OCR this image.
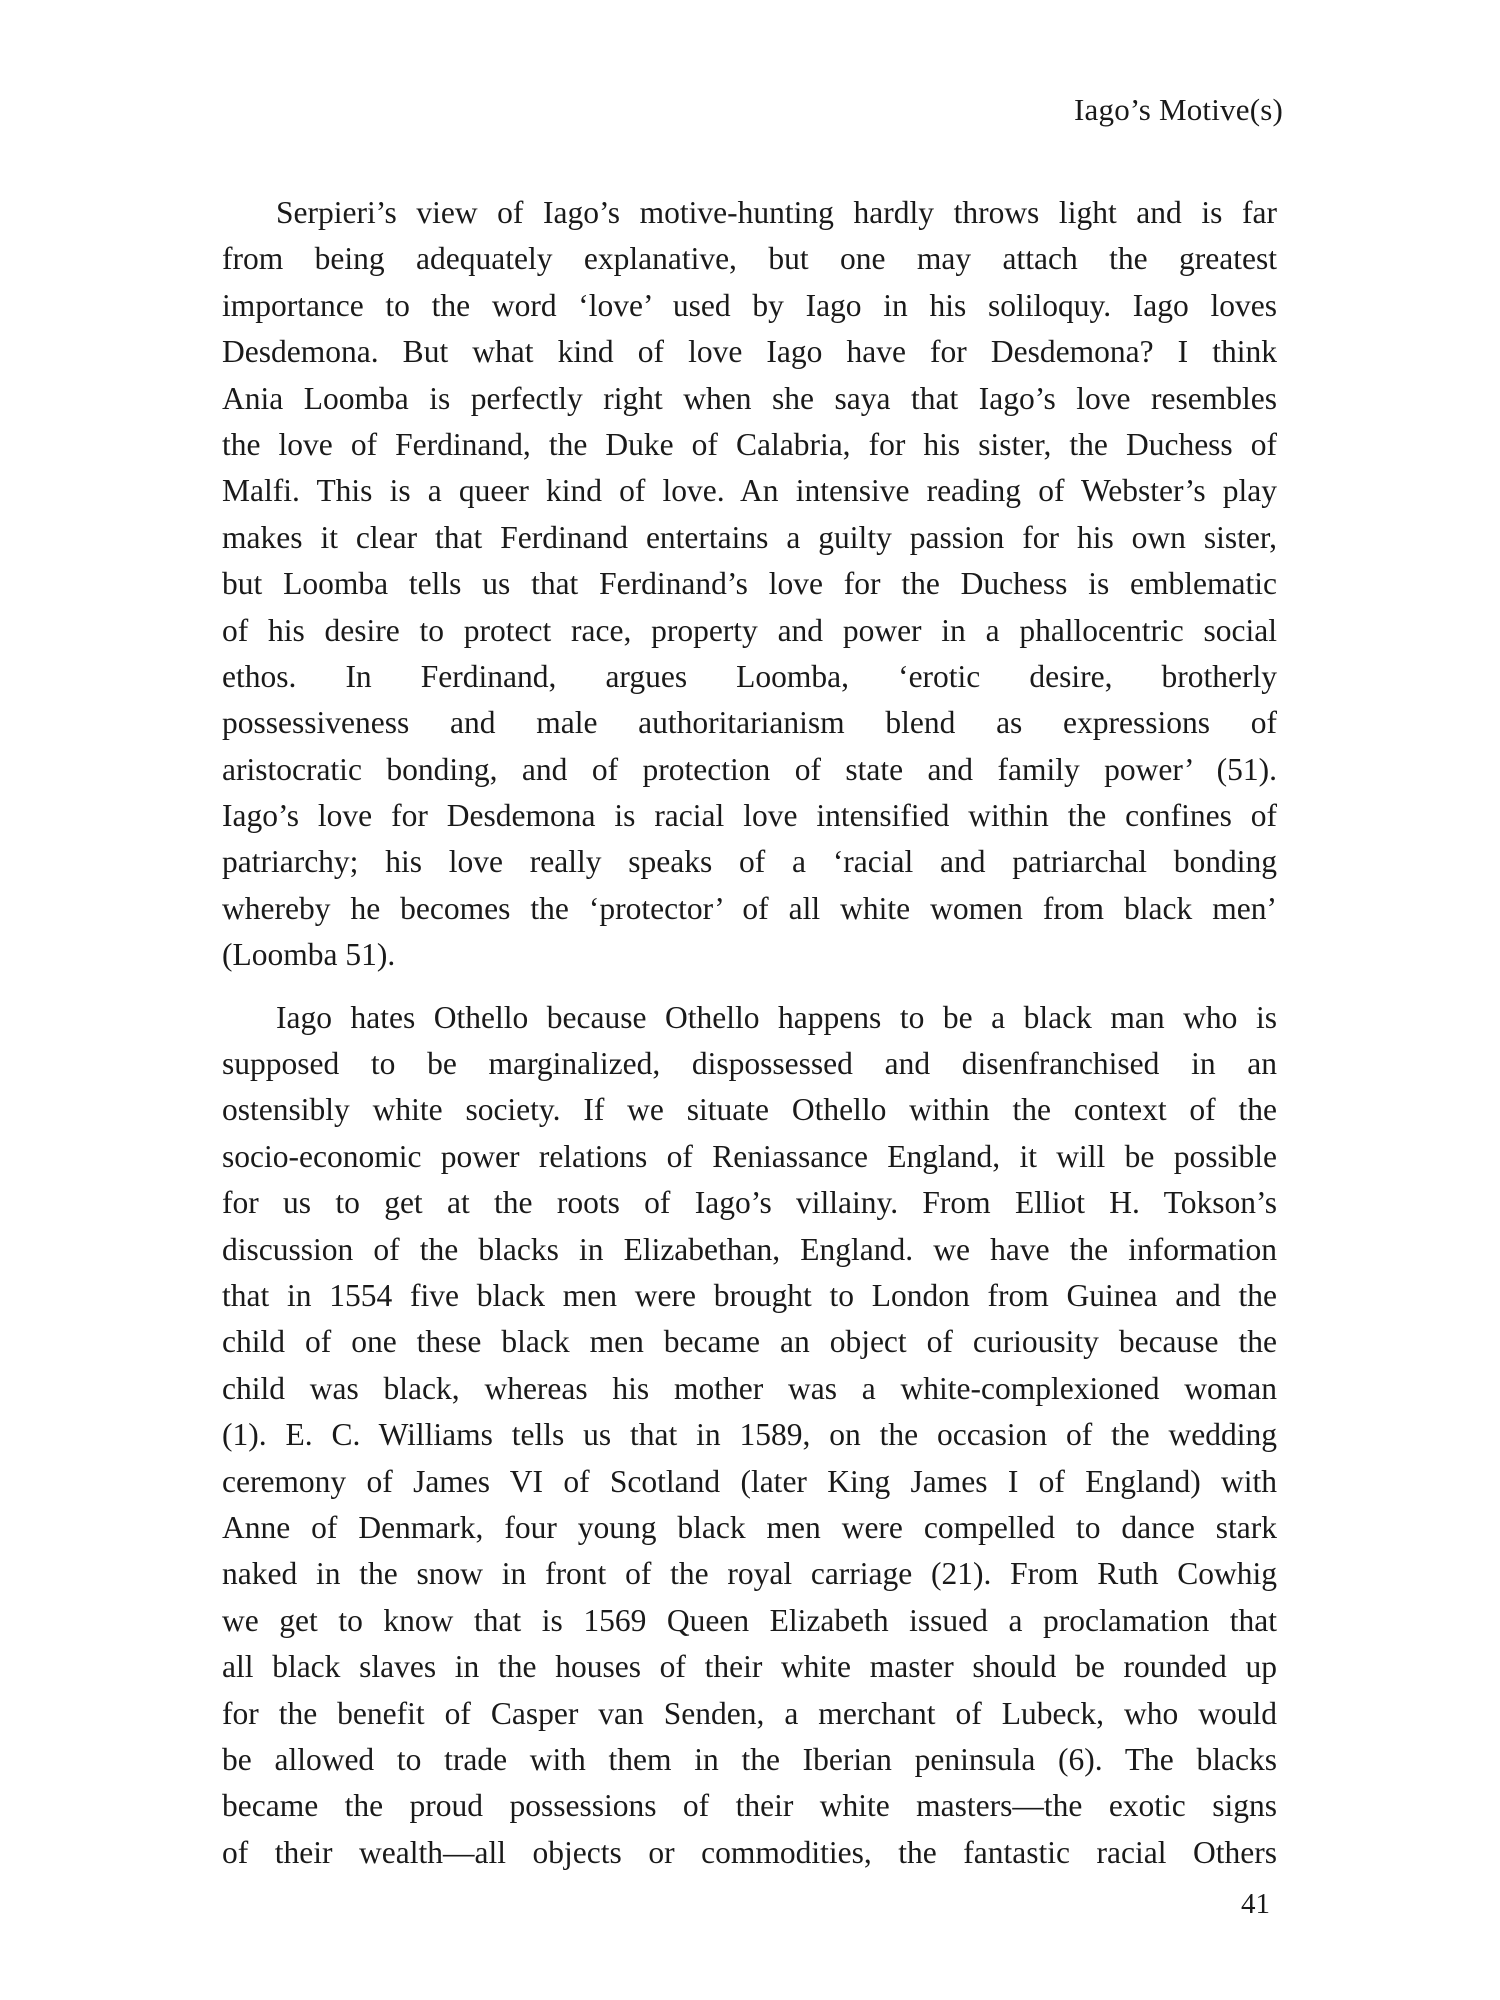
Iago’s Motive(s)
Serpieri’s view of Iago’s motive-hunting hardly throws light and is far
from being adequately explanative, but one may attach the greatest
importance to the word ‘love’ used by Iago in his soliloquy. Iago loves
Desdemona. But what kind of love Iago have for Desdemona? I think
Ania Loomba is perfectly right when she saya that Iago’s love resembles
the love of Ferdinand, the Duke of Calabria, for his sister, the Duchess of
Malfi. This is a queer kind of love. An intensive reading of Webster’s play
makes it clear that Ferdinand entertains a guilty passion for his own sister,
but Loomba tells us that Ferdinand’s love for the Duchess is emblematic
of his desire to protect race, property and power in a phallocentric social
ethos. In Ferdinand, argues Loomba, ‘erotic desire, brotherly
possessiveness and male authoritarianism blend as expressions of
aristocratic bonding, and of protection of state and family power’ (51).
Iago’s love for Desdemona is racial love intensified within the confines of
patriarchy; his love really speaks of a ‘racial and patriarchal bonding
whereby he becomes the ‘protector’ of all white women from black men’
(Loomba 51).
Iago hates Othello because Othello happens to be a black man who is
supposed to be marginalized, dispossessed and disenfranchised in an
ostensibly white society. If we situate Othello within the context of the
socio-economic power relations of Reniassance England, it will be possible
for us to get at the roots of Iago’s villainy. From Elliot H. Tokson’s
discussion of the blacks in Elizabethan, England. we have the information
that in 1554 five black men were brought to London from Guinea and the
child of one these black men became an object of curiousity because the
child was black, whereas his mother was a white-complexioned woman
(1). E. C. Williams tells us that in 1589, on the occasion of the wedding
ceremony of James VI of Scotland (later King James I of England) with
Anne of Denmark, four young black men were compelled to dance stark
naked in the snow in front of the royal carriage (21). From Ruth Cowhig
we get to know that is 1569 Queen Elizabeth issued a proclamation that
all black slaves in the houses of their white master should be rounded up
for the benefit of Casper van Senden, a merchant of Lubeck, who would
be allowed to trade with them in the Iberian peninsula (6). The blacks
became the proud possessions of their white masters—the exotic signs
of their wealth—all objects or commodities, the fantastic racial Others
41
